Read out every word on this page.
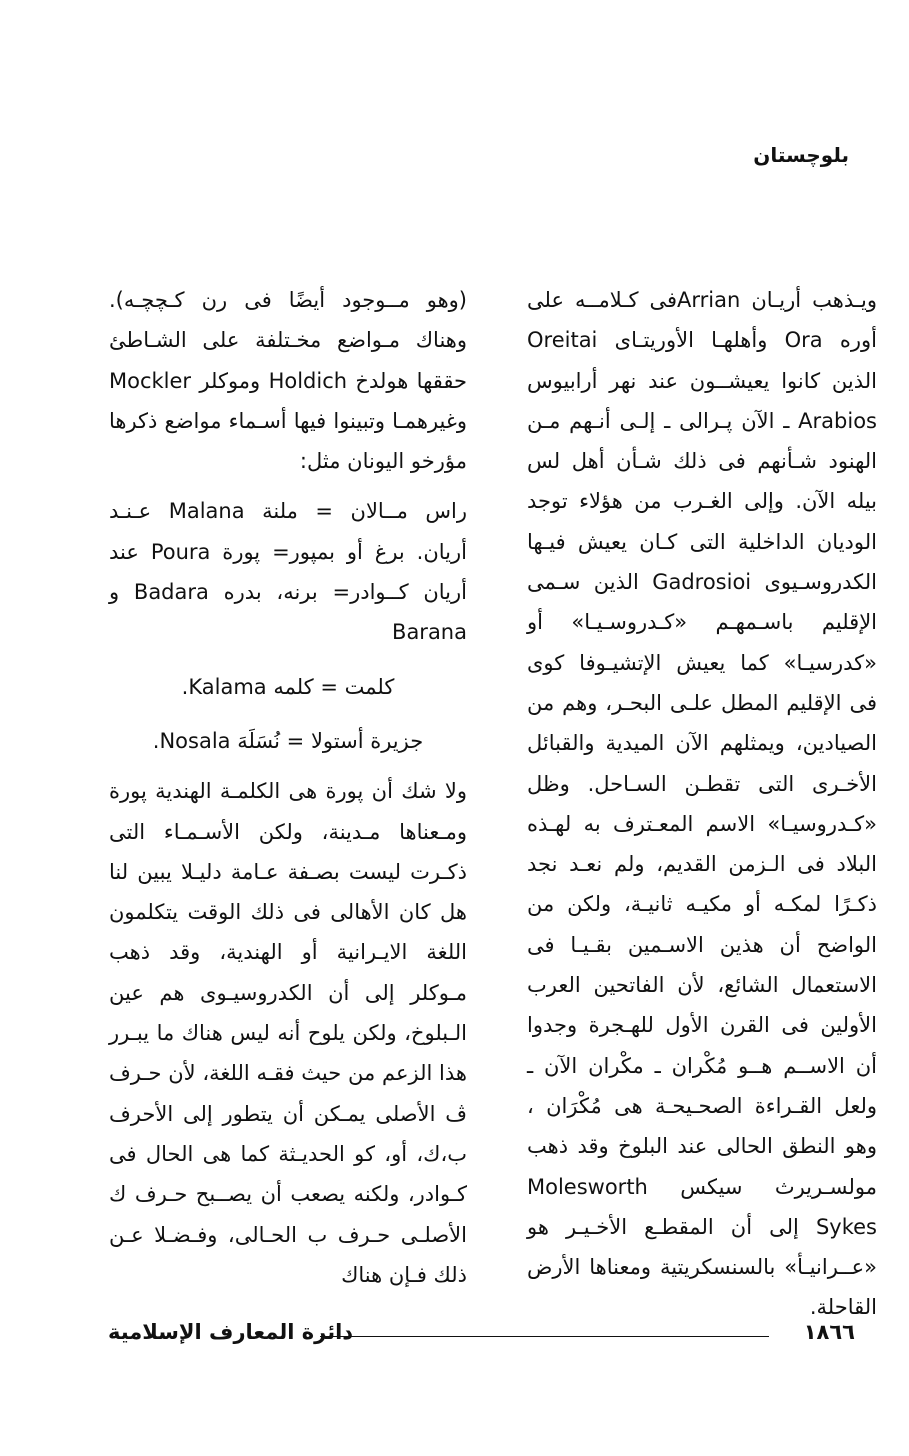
بلوچستان

ويـذهب أريـان Arrianفى كـلامــه على أوره Ora وأهلهـا الأوريتـاى Oreitai الذين كانوا يعيشــون عند نهر أرابيوس Arabios ـ الآن پـرالى ـ إلـى أنـهم مـن الهنود شـأنهم فى ذلك شـأن أهل لس بيله الآن. وإلى الغـرب من هؤلاء توجد الوديان الداخلية التى كـان يعيش فيـها الكدروسـيوى Gadrosioi الذين سـمى الإقليم باسـمهـم «كـدروسـيـا» أو «كدرسيـا» كما يعيش الإتشيـوفا كوى فى الإقليم المطل علـى البحـر، وهم من الصيادين، ويمثلهم الآن الميدية والقبائل الأخـرى التى تقطـن السـاحل. وظل «كـدروسيـا» الاسم المعـترف به لهـذه البلاد فى الـزمن القديم، ولم نعـد نجد ذكـرًا لمكـه أو مكيـه ثانيـة، ولكن من الواضح أن هذين الاسـمين بقـيـا فى الاستعمال الشائع، لأن الفاتحين العرب الأولين فى القرن الأول للهـجرة وجدوا أن الاســم هــو مُكْران ـ مكْران الآن ـ ولعل القـراءة الصحـيحـة هى مُكْرَان ، وهو النطق الحالى عند البلوخ وقد ذهب مولسـريرث سيكس Molesworth Sykes إلى أن المقطـع الأخـيـر هو «عــرانيـأ» بالسنسكريتية ومعناها الأرض القاحلة.

(وهو مــوجود أيضًا فى رن كـچچـه). وهناك مـواضع مخـتلفة على الشـاطئ حققها هولدخ Holdich وموكلر Mockler وغيرهمـا وتبينوا فيها أسـماء مواضع ذكرها مؤرخو اليونان مثل:

راس مــالان = ملنة Malana عـنـد أريان. برغ أو بمپور= پورة Poura عند أريان كــوادر= برنه، بدره Badara و Barana

كلمت = كلمه Kalama.

جزيرة أستولا = نُسَلَهَ Nosala.

ولا شك أن پورة هى الكلمـة الهندية پورة ومـعناها مـدينة، ولكن الأسـمـاء التى ذكـرت ليست بصـفة عـامة دليـلا يبين لنا هل كان الأهالى فى ذلك الوقت يتكلمون اللغة الايـرانية أو الهندية، وقد ذهب مـوكلر إلى أن الكدروسيـوى هم عين الـبلوخ، ولكن يلوح أنه ليس هناك ما يبـرر هذا الزعم من حيث فقـه اللغة، لأن حـرف ڤ الأصلى يمـكن أن يتطور إلى الأحرف ب،ك، أو، كو الحديـثة كما هى الحال فى كـوادر، ولكنه يصعب أن يصــبح حـرف ك الأصلـى حـرف ب الحـالى، وفـضـلا عـن ذلك فـإن هناك

١٨٦٦
دائرة المعارف الإسلامية
